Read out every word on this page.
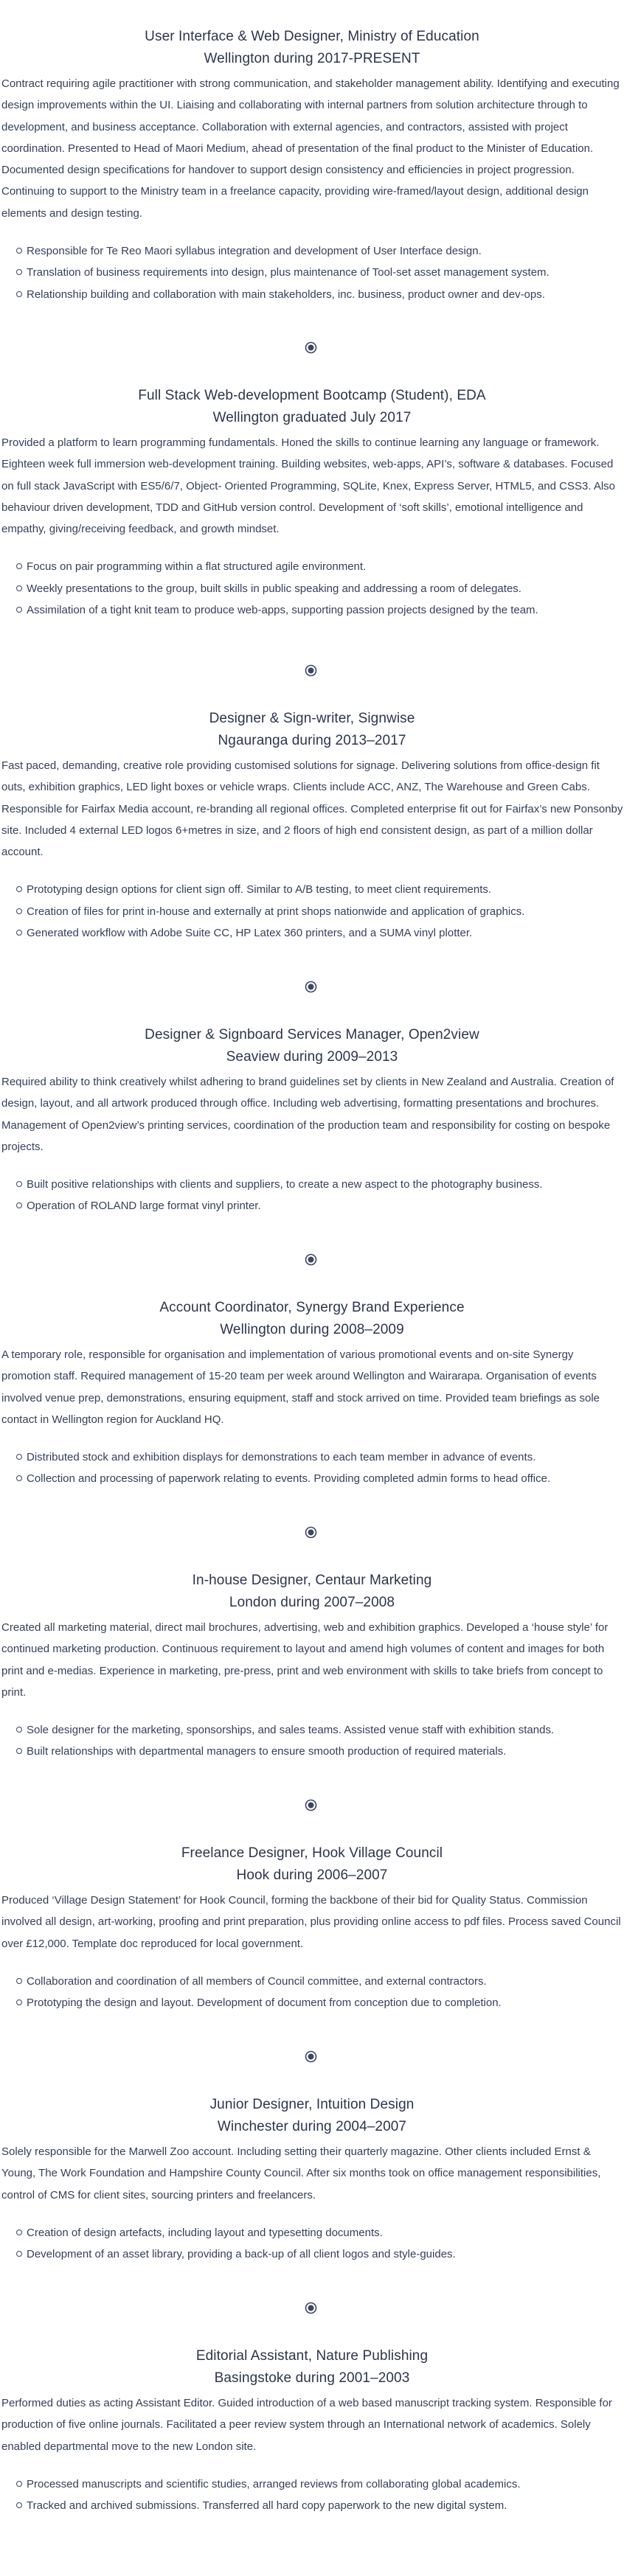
User Interface & Web Designer, Ministry of Education
Wellington during 2017-PRESENT

Contract requiring agile practitioner with strong communication, and stakeholder management ability. Identifying and executing design improvements within the UI. Liaising and collaborating with internal partners from solution architecture through to development, and business acceptance. Collaboration with external agencies, and contractors, assisted with project coordination. Presented to Head of Maori Medium, ahead of presentation of the final product to the Minister of Education. Documented design specifications for handover to support design consistency and efficiencies in project progression. Continuing to support to the Ministry team in a freelance capacity, providing wire-framed/layout design, additional design elements and design testing.

Responsible for Te Reo Maori syllabus integration and development of User Interface design.
Translation of business requirements into design, plus maintenance of Tool-set asset management system.
Relationship building and collaboration with main stakeholders, inc. business, product owner and dev-ops.
Full Stack Web-development Bootcamp (Student), EDA
Wellington graduated July 2017

Provided a platform to learn programming fundamentals. Honed the skills to continue learning any language or framework. Eighteen week full immersion web-development training. Building websites, web-apps, API’s, software & databases. Focused on full stack JavaScript with ES5/6/7, Object- Oriented Programming, SQLite, Knex, Express Server, HTML5, and CSS3. Also behaviour driven development, TDD and GitHub version control. Development of ‘soft skills’, emotional intelligence and empathy, giving/receiving feedback, and growth mindset.

Focus on pair programming within a flat structured agile environment.
Weekly presentations to the group, built skills in public speaking and addressing a room of delegates.
Assimilation of a tight knit team to produce web-apps, supporting passion projects designed by the team.
Designer & Sign-writer, Signwise
Ngauranga during 2013–2017

Fast paced, demanding, creative role providing customised solutions for signage. Delivering solutions from office-design fit outs, exhibition graphics, LED light boxes or vehicle wraps. Clients include ACC, ANZ, The Warehouse and Green Cabs. Responsible for Fairfax Media account, re-branding all regional offices. Completed enterprise fit out for Fairfax’s new Ponsonby site. Included 4 external LED logos 6+metres in size, and 2 floors of high end consistent design, as part of a million dollar account.

Prototyping design options for client sign off. Similar to A/B testing, to meet client requirements.
Creation of files for print in-house and externally at print shops nationwide and application of graphics.
Generated workflow with Adobe Suite CC, HP Latex 360 printers, and a SUMA vinyl plotter.
Designer & Signboard Services Manager, Open2view
Seaview during 2009–2013

Required ability to think creatively whilst adhering to brand guidelines set by clients in New Zealand and Australia. Creation of design, layout, and all artwork produced through office. Including web advertising, formatting presentations and brochures. Management of Open2view’s printing services, coordination of the production team and responsibility for costing on bespoke projects.

Built positive relationships with clients and suppliers, to create a new aspect to the photography business.
Operation of ROLAND large format vinyl printer.
Account Coordinator, Synergy Brand Experience
Wellington during 2008–2009

A temporary role, responsible for organisation and implementation of various promotional events and on-site Synergy promotion staff. Required management of 15-20 team per week around Wellington and Wairarapa. Organisation of events involved venue prep, demonstrations, ensuring equipment, staff and stock arrived on time. Provided team briefings as sole contact in Wellington region for Auckland HQ.

Distributed stock and exhibition displays for demonstrations to each team member in advance of events.
Collection and processing of paperwork relating to events. Providing completed admin forms to head office.
In-house Designer, Centaur Marketing
London during 2007–2008

Created all marketing material, direct mail brochures, advertising, web and exhibition graphics. Developed a ‘house style’ for continued marketing production. Continuous requirement to layout and amend high volumes of content and images for both print and e-medias. Experience in marketing, pre-press, print and web environment with skills to take briefs from concept to print.

Sole designer for the marketing, sponsorships, and sales teams. Assisted venue staff with exhibition stands.
Built relationships with departmental managers to ensure smooth production of required materials.
Freelance Designer, Hook Village Council
Hook during 2006–2007

Produced ‘Village Design Statement’ for Hook Council, forming the backbone of their bid for Quality Status. Commission involved all design, art-working, proofing and print preparation, plus providing online access to pdf files. Process saved Council over £12,000. Template doc reproduced for local government.

Collaboration and coordination of all members of Council committee, and external contractors.
Prototyping the design and layout. Development of document from conception due to completion.
Junior Designer, Intuition Design
Winchester during 2004–2007

Solely responsible for the Marwell Zoo account. Including setting their quarterly magazine. Other clients included Ernst & Young, The Work Foundation and Hampshire County Council. After six months took on office management responsibilities, control of CMS for client sites, sourcing printers and freelancers.

Creation of design artefacts, including layout and typesetting documents.
Development of an asset library, providing a back-up of all client logos and style-guides.
Editorial Assistant, Nature Publishing
Basingstoke during 2001–2003

Performed duties as acting Assistant Editor. Guided introduction of a web based manuscript tracking system. Responsible for production of five online journals. Facilitated a peer review system through an International network of academics. Solely enabled departmental move to the new London site.

Processed manuscripts and scientific studies, arranged reviews from collaborating global academics.
Tracked and archived submissions. Transferred all hard copy paperwork to the new digital system.
